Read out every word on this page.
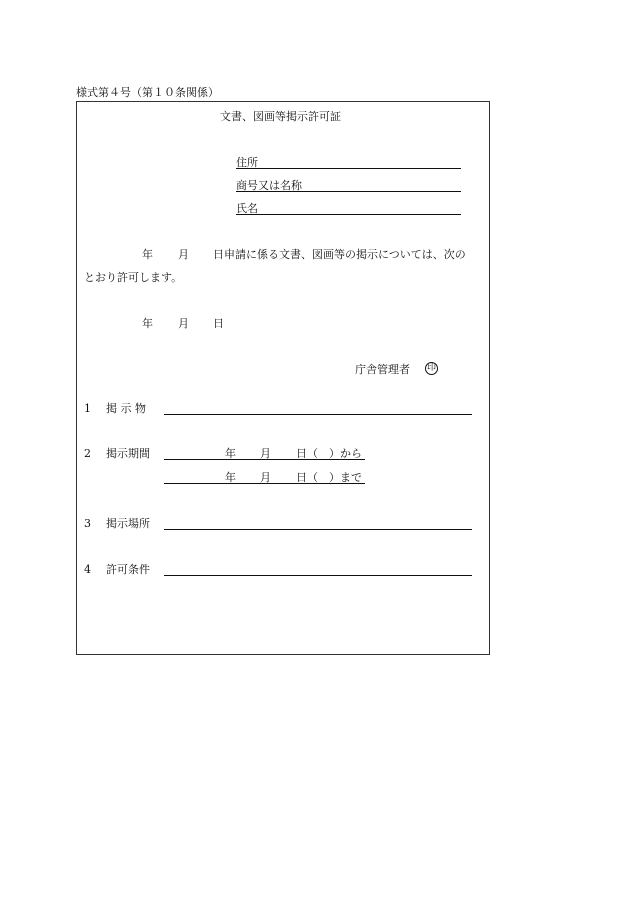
様式第４号（第１０条関係）
文書、図画等掲示許可証
住所
商号又は名称
氏名
年 月 日申請に係る文書、図画等の掲示については、次の
とおり許可します。
年 月 日
庁舎管理者 印
1 掲 示 物
2 掲示期間	年 月 日（　）から
年 月 日（　）まで
3 掲示場所
4 許可条件
